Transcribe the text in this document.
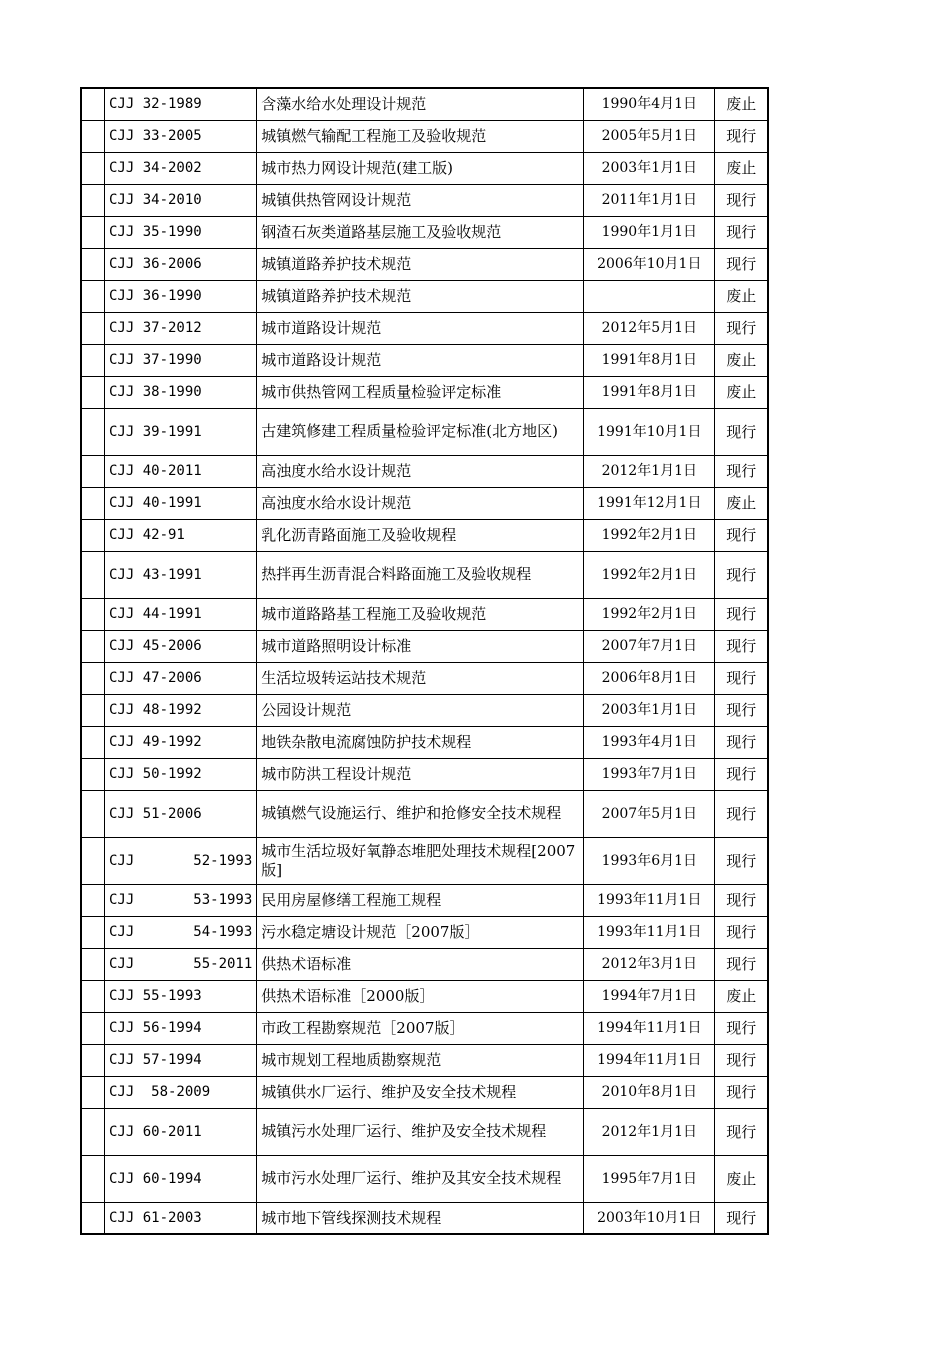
	CJJ 32-1989	含藻水给水处理设计规范	1990年4月1日	废止
	CJJ 33-2005	城镇燃气输配工程施工及验收规范	2005年5月1日	现行
	CJJ 34-2002	城市热力网设计规范(建工版)	2003年1月1日	废止
	CJJ 34-2010	城镇供热管网设计规范	2011年1月1日	现行
	CJJ 35-1990	钢渣石灰类道路基层施工及验收规范	1990年1月1日	现行
	CJJ 36-2006	城镇道路养护技术规范	2006年10月1日	现行
	CJJ 36-1990	城镇道路养护技术规范		废止
	CJJ 37-2012	城市道路设计规范	2012年5月1日	现行
	CJJ 37-1990	城市道路设计规范	1991年8月1日	废止
	CJJ 38-1990	城市供热管网工程质量检验评定标准	1991年8月1日	废止
	CJJ 39-1991	古建筑修建工程质量检验评定标准(北方地区)	1991年10月1日	现行
	CJJ 40-2011	高浊度水给水设计规范	2012年1月1日	现行
	CJJ 40-1991	高浊度水给水设计规范	1991年12月1日	废止
	CJJ 42-91	乳化沥青路面施工及验收规程	1992年2月1日	现行
	CJJ 43-1991	热拌再生沥青混合料路面施工及验收规程	1992年2月1日	现行
	CJJ 44-1991	城市道路路基工程施工及验收规范	1992年2月1日	现行
	CJJ 45-2006	城市道路照明设计标准	2007年7月1日	现行
	CJJ 47-2006	生活垃圾转运站技术规范	2006年8月1日	现行
	CJJ 48-1992	公园设计规范	2003年1月1日	现行
	CJJ 49-1992	地铁杂散电流腐蚀防护技术规程	1993年4月1日	现行
	CJJ 50-1992	城市防洪工程设计规范	1993年7月1日	现行
	CJJ 51-2006	城镇燃气设施运行、维护和抢修安全技术规程	2007年5月1日	现行
	CJJ       52-1993	城市生活垃圾好氧静态堆肥处理技术规程[2007版]	1993年6月1日	现行
	CJJ       53-1993	民用房屋修缮工程施工规程	1993年11月1日	现行
	CJJ       54-1993	污水稳定塘设计规范［2007版］	1993年11月1日	现行
	CJJ       55-2011	供热术语标准	2012年3月1日	现行
	CJJ 55-1993	供热术语标准［2000版］	1994年7月1日	废止
	CJJ 56-1994	市政工程勘察规范［2007版］	1994年11月1日	现行
	CJJ 57-1994	城市规划工程地质勘察规范	1994年11月1日	现行
	CJJ  58-2009	城镇供水厂运行、维护及安全技术规程	2010年8月1日	现行
	CJJ 60-2011	城镇污水处理厂运行、维护及安全技术规程	2012年1月1日	现行
	CJJ 60-1994	城市污水处理厂运行、维护及其安全技术规程	1995年7月1日	废止
	CJJ 61-2003	城市地下管线探测技术规程	2003年10月1日	现行
